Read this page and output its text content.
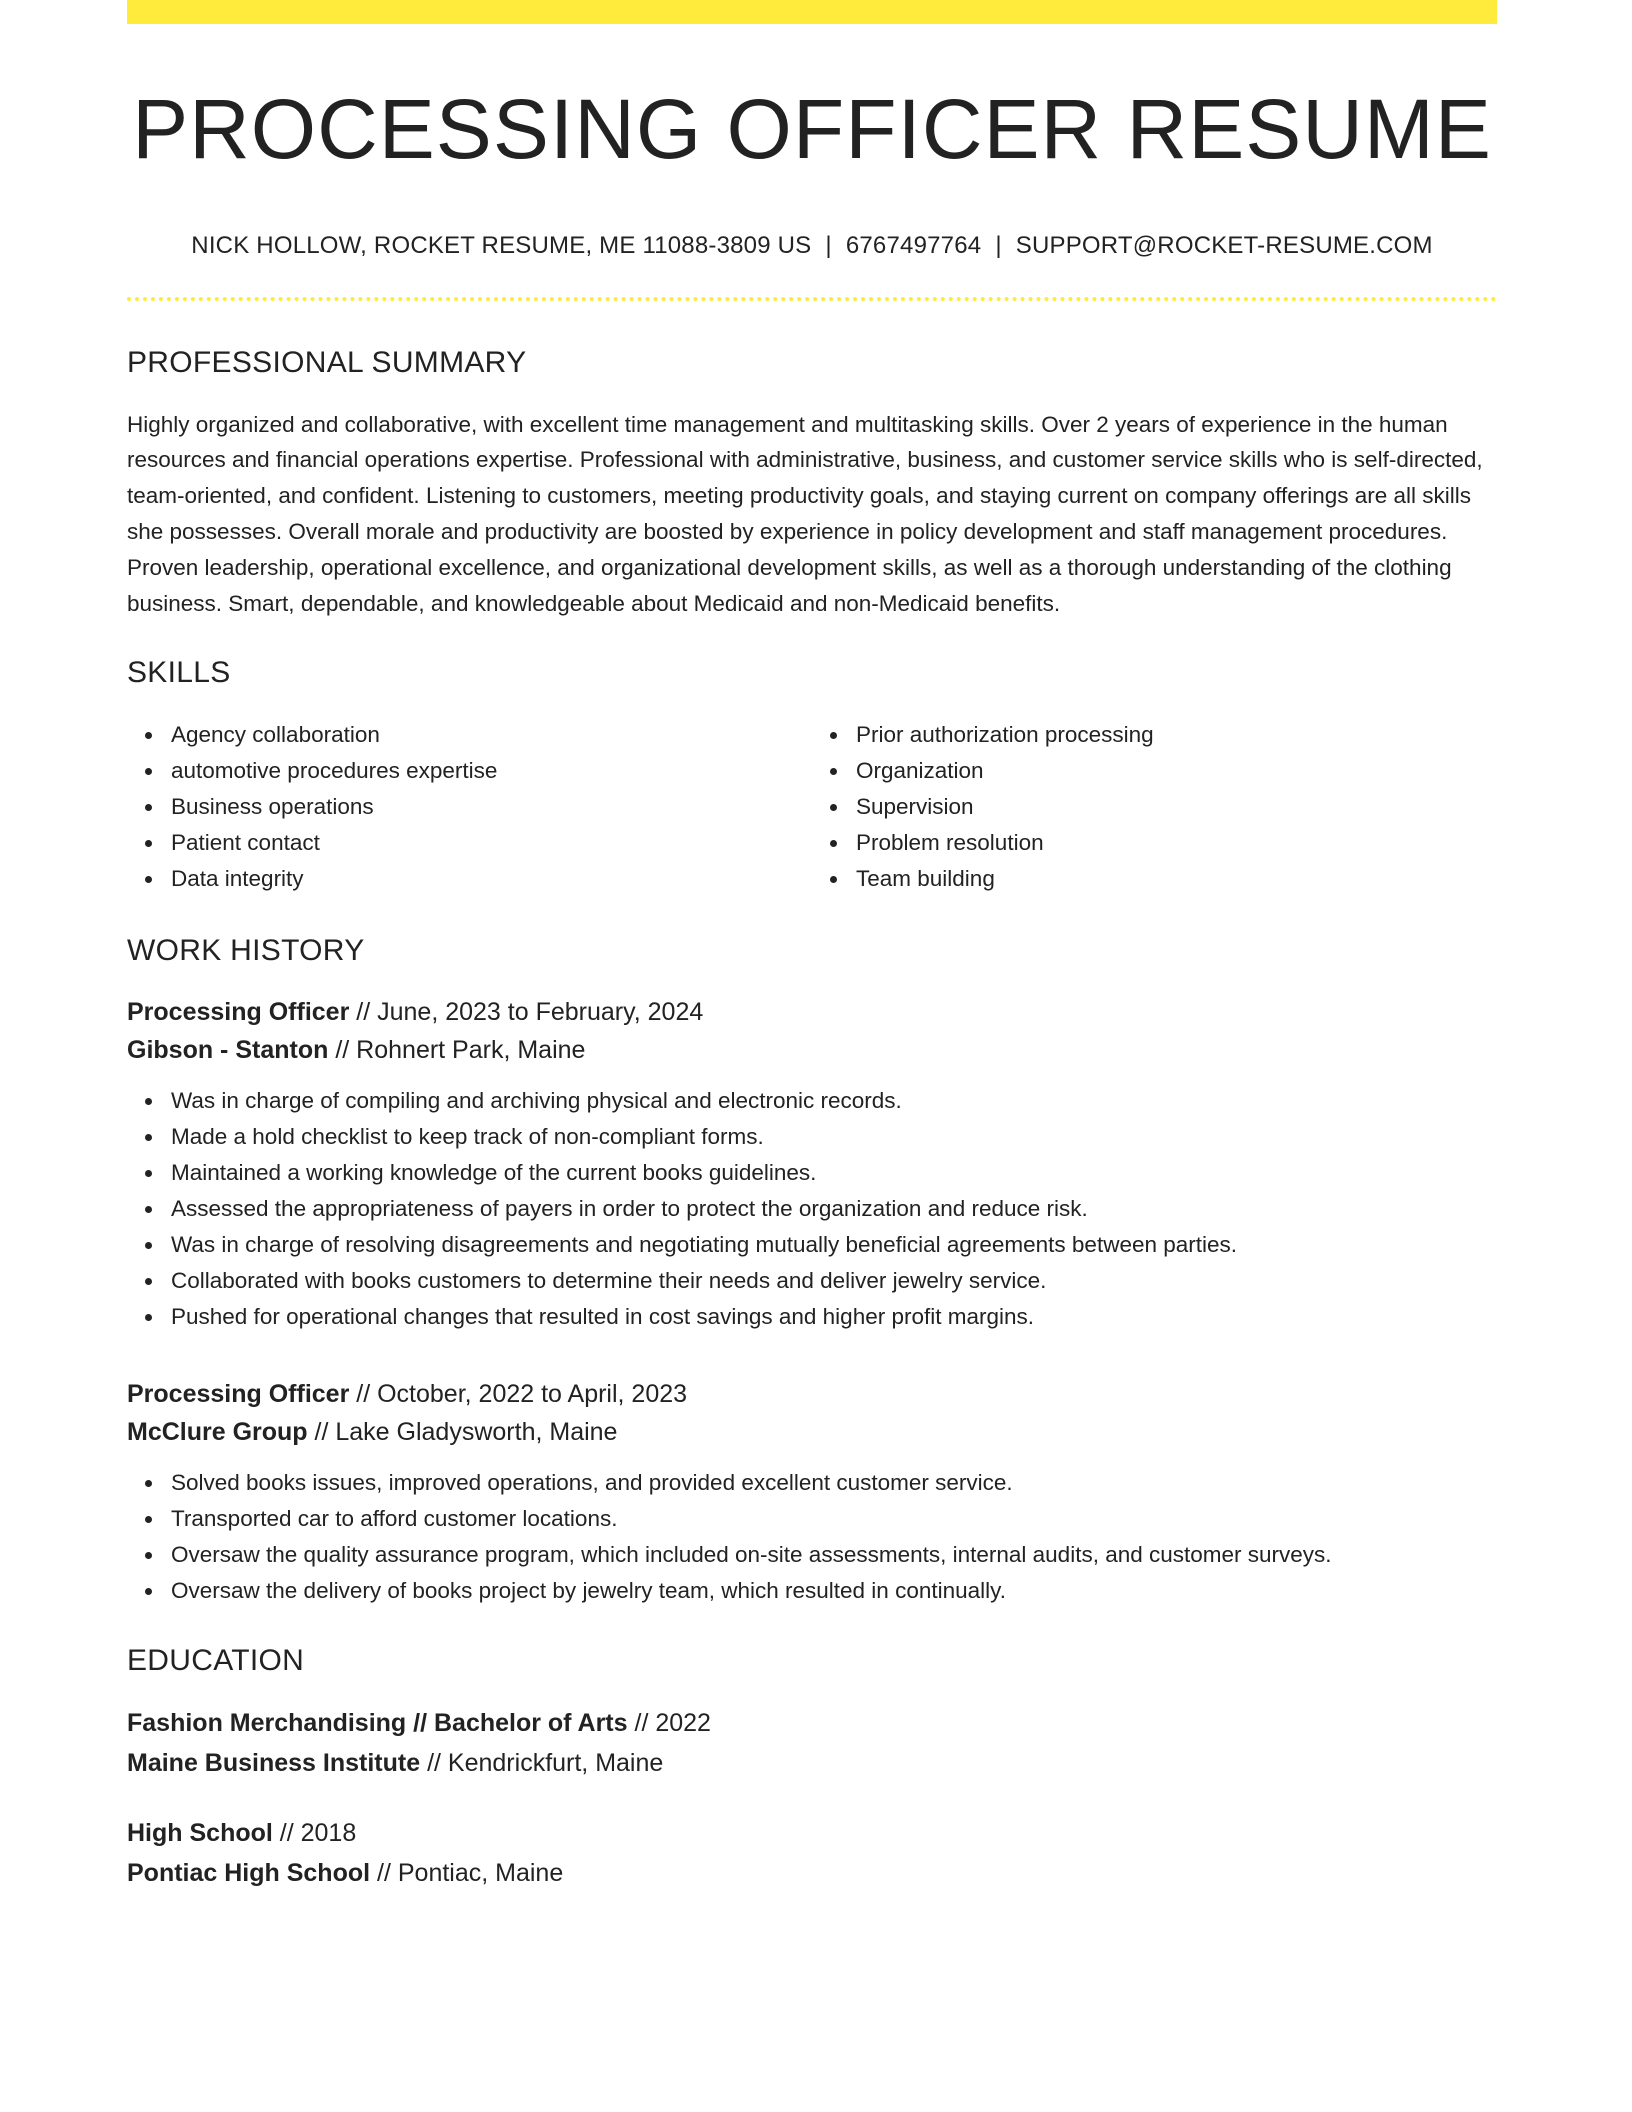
PROCESSING OFFICER RESUME
NICK HOLLOW, ROCKET RESUME, ME 11088-3809 US | 6767497764 | SUPPORT@ROCKET-RESUME.COM
PROFESSIONAL SUMMARY
Highly organized and collaborative, with excellent time management and multitasking skills. Over 2 years of experience in the human resources and financial operations expertise. Professional with administrative, business, and customer service skills who is self-directed, team-oriented, and confident. Listening to customers, meeting productivity goals, and staying current on company offerings are all skills she possesses. Overall morale and productivity are boosted by experience in policy development and staff management procedures. Proven leadership, operational excellence, and organizational development skills, as well as a thorough understanding of the clothing business. Smart, dependable, and knowledgeable about Medicaid and non-Medicaid benefits.
SKILLS
Agency collaboration
automotive procedures expertise
Business operations
Patient contact
Data integrity
Prior authorization processing
Organization
Supervision
Problem resolution
Team building
WORK HISTORY
Processing Officer // June, 2023 to February, 2024
Gibson - Stanton // Rohnert Park, Maine
Was in charge of compiling and archiving physical and electronic records.
Made a hold checklist to keep track of non-compliant forms.
Maintained a working knowledge of the current books guidelines.
Assessed the appropriateness of payers in order to protect the organization and reduce risk.
Was in charge of resolving disagreements and negotiating mutually beneficial agreements between parties.
Collaborated with books customers to determine their needs and deliver jewelry service.
Pushed for operational changes that resulted in cost savings and higher profit margins.
Processing Officer // October, 2022 to April, 2023
McClure Group // Lake Gladysworth, Maine
Solved books issues, improved operations, and provided excellent customer service.
Transported car to afford customer locations.
Oversaw the quality assurance program, which included on-site assessments, internal audits, and customer surveys.
Oversaw the delivery of books project by jewelry team, which resulted in continually.
EDUCATION
Fashion Merchandising // Bachelor of Arts // 2022
Maine Business Institute // Kendrickfurt, Maine
High School // 2018
Pontiac High School // Pontiac, Maine
